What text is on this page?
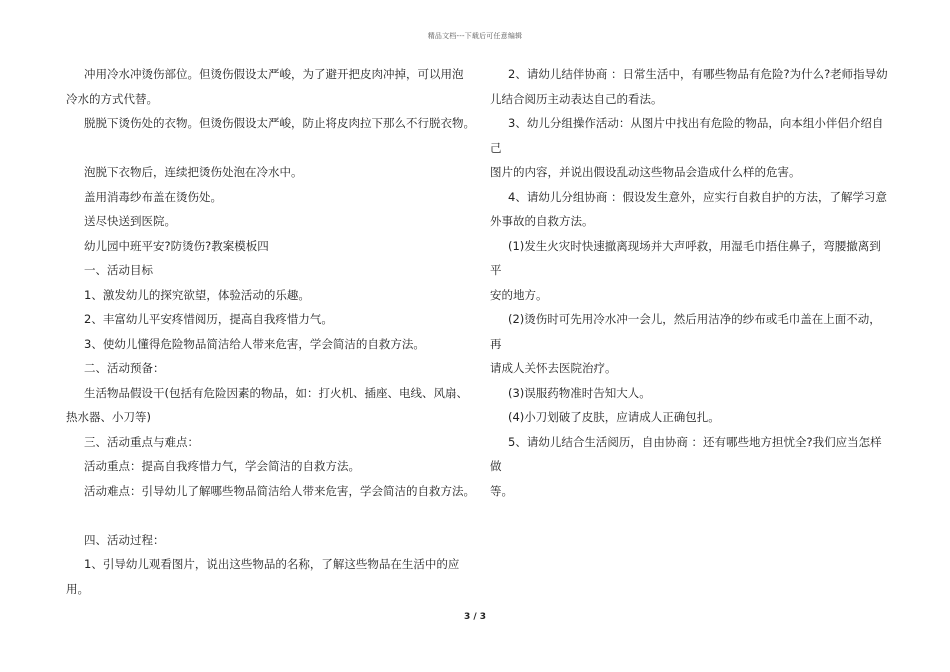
精品文档---下载后可任意编辑

冲用冷水冲烫伤部位。但烫伤假设太严峻，为了避开把皮肉冲掉，可以用泡

冷水的方式代替。

脱脱下烫伤处的衣物。但烫伤假设太严峻，防止将皮肉拉下那么不行脱衣物。

泡脱下衣物后，连续把烫伤处泡在冷水中。

盖用消毒纱布盖在烫伤处。

送尽快送到医院。

幼儿园中班平安?防烫伤?教案模板四

一、活动目标

1、激发幼儿的探究欲望，体验活动的乐趣。

2、丰富幼儿平安疼惜阅历，提高自我疼惜力气。

3、使幼儿懂得危险物品简洁给人带来危害，学会简洁的自救方法。

二、活动预备：

生活物品假设干(包括有危险因素的物品，如：打火机、插座、电线、风扇、

热水器、小刀等)

三、活动重点与难点：

活动重点：提高自我疼惜力气，学会简洁的自救方法。

活动难点：引导幼儿了解哪些物品简洁给人带来危害，学会简洁的自救方法。

四、活动过程：

1、引导幼儿观看图片，说出这些物品的名称，了解这些物品在生活中的应用。

2、请幼儿结伴协商 ：日常生活中，有哪些物品有危险?为什么?老师指导幼

儿结合阅历主动表达自己的看法。

3、幼儿分组操作活动：从图片中找出有危险的物品，向本组小伴侣介绍自己

图片的内容，并说出假设乱动这些物品会造成什么样的危害。

4、请幼儿分组协商 ：假设发生意外，应实行自救自护的方法，了解学习意

外事故的自救方法。

(1)发生火灾时快速撤离现场并大声呼救，用湿毛巾捂住鼻子，弯腰撤离到平

安的地方。

(2)烫伤时可先用冷水冲一会儿，然后用洁净的纱布或毛巾盖在上面不动，再

请成人关怀去医院治疗。

(3)误服药物准时告知大人。

(4)小刀划破了皮肤，应请成人正确包扎。

5、请幼儿结合生活阅历，自由协商 ：还有哪些地方担忧全?我们应当怎样做

等。

3 / 3
